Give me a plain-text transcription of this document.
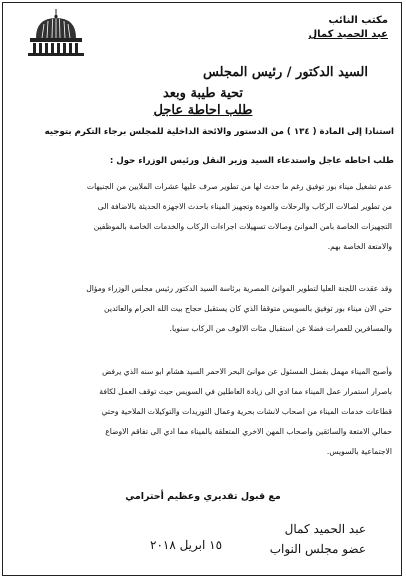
مكتب النائب
عبد الحميد كمال
السيد الدكتور / رئيس المجلس
تحية طيبة وبعد
طلب احاطة عاجل
استناداً إلى المادة ( ١٣٤ ) من الدستور والائحة الداخلية للمجلس برجاء التكرم بتوجيه
طلب أحاطه عاجل واستدعاء السيد وزير النقل ورئيس الوزراء حول :
عدم تشغيل ميناء بور توفيق رغم ما حدث لها من تطوير صرف عليها عشرات الملايين من الجنيهات
من تطوير لصالات الركاب والرحلات والعودة وتجهيز الميناء باحدث الاجهزة الحديثة بالاضافة الى
التجهيزات الخاصة بامن الموانئ وصالات تسهيلات اجراءات الركاب والخدمات الخاصة بالموظفين
والامتعة الخاصة بهم.
وقد عقدت اللجنة العليا لتطوير الموانئ المصرية برئاسة السيد الدكتور رئيس مجلس الوزراء ومؤال
حتي الان ميناء بور توفيق بالسويس متوقفا الذي كان يستقبل حجاج بيت الله الحرام والعائدين
والمسافرين للعمرات فضلا عن استقبال مئات الالوف من الركاب سنويا.
وأصبح الميناء مهمل بفضل المسئول عن موانئ البحر الاحمر السيد هشام ابو سنه الذي يرفض
باصرار استمرار عمل الميناء مما ادي الى زيادة العاطلين في السويس حيث توقف العمل لكافة
قطاعات خدمات الميناء من اصحاب لانشات بحرية وعمال التوريدات والتوكيلات الملاحية وحتي
حمالي الامتعة والسائقين واصحاب المهن الاخري المتعلقة بالميناء مما ادي الى تفاقم الاوضاع
الاجتماعية بالسويس.
مع قبول تقديري وعظيم أحترامي
عبد الحميد كمال
عضو مجلس النواب
١٥ ابريل ٢٠١٨
